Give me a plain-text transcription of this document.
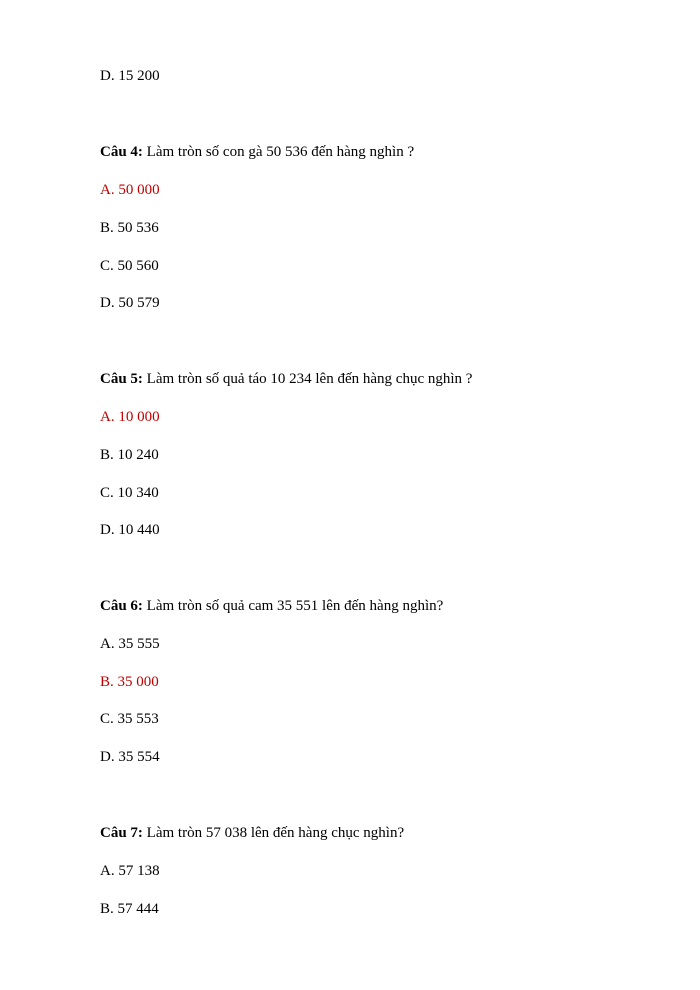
D. 15 200
Câu 4: Làm tròn số con gà 50 536 đến hàng nghìn ?
A. 50 000
B. 50 536
C. 50 560
D. 50 579
Câu 5: Làm tròn số quả táo 10 234 lên đến hàng chục nghìn ?
A. 10 000
B. 10 240
C. 10 340
D. 10 440
Câu 6: Làm tròn số quả cam 35 551 lên đến hàng nghìn?
A. 35 555
B. 35 000
C. 35 553
D. 35 554
Câu 7: Làm tròn 57 038 lên đến hàng chục nghìn?
A. 57 138
B. 57 444
